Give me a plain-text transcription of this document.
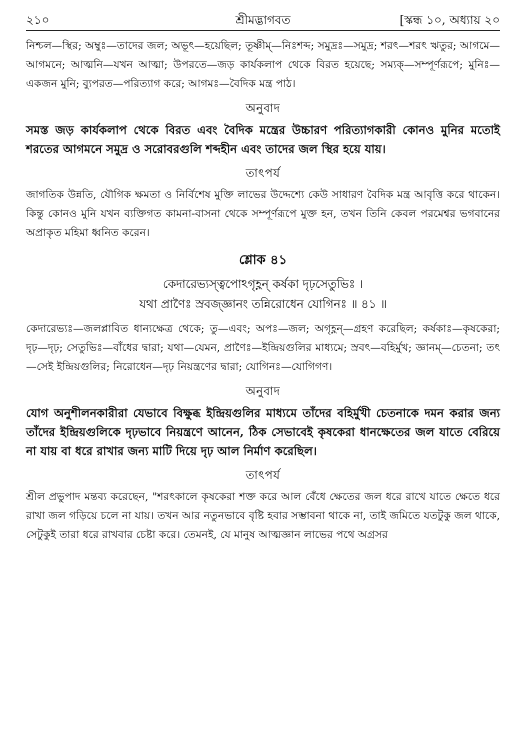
২১০	শ্রীমদ্ভাগবত	[স্কন্ধ ১০, অধ্যায় ২০

নিশ্চল—স্থির; অম্বুঃ—তাদের জল; অভূৎ—হয়েছিল; তূষ্ণীম্—নিঃশব্দ; সমুদ্রঃ—সমুদ্র; শরৎ—শরৎ ঋতুর; আগমে—আগমনে; আত্মনি—যখন আত্মা; উপরতে—জড় কার্যকলাপ থেকে বিরত হয়েছে; সম্যক্—সম্পূর্ণরূপে; মুনিঃ—একজন মুনি; ব্যুপরত—পরিত্যাগ করে; আগমঃ—বৈদিক মন্ত্র পাঠ।

অনুবাদ

সমস্ত জড় কার্যকলাপ থেকে বিরত এবং বৈদিক মন্ত্রের উচ্চারণ পরিত্যাগকারী কোনও মুনির মতোই শরতের আগমনে সমুদ্র ও সরোবরগুলি শব্দহীন এবং তাদের জল স্থির হয়ে যায়।

তাৎপর্য

জাগতিক উন্নতি, যৌগিক ক্ষমতা ও নির্বিশেষ মুক্তি লাভের উদ্দেশ্যে কেউ সাধারণ বৈদিক মন্ত্র আবৃত্তি করে থাকেন। কিন্তু কোনও মুনি যখন ব্যক্তিগত কামনা-বাসনা থেকে সম্পূর্ণরূপে মুক্ত হন, তখন তিনি কেবল পরমেশ্বর ভগবানের অপ্রাকৃত মহিমা ধ্বনিত করেন।

শ্লোক ৪১
কেদারেভ্যস্ত্বপোঽগৃহ্ণন্ কর্ষকা দৃঢ়সেতুভিঃ ।
যথা প্রাণৈঃ স্রবজ্জ্ঞানং তন্নিরোধেন যোগিনঃ ॥ ৪১ ॥

কেদারেভ্যঃ—জলপ্লাবিত ধান্যক্ষেত্র থেকে; তু—এবং; অপঃ—জল; অগৃহ্ণন্—গ্রহণ করেছিল; কর্ষকাঃ—কৃষকেরা; দৃঢ়—দৃঢ়; সেতুভিঃ—বাঁধের দ্বারা; যথা—যেমন, প্রাণৈঃ—ইন্দ্রিয়গুলির মাধ্যমে; স্রবৎ—বহির্মুখ; জ্ঞানম্—চেতনা; তৎ—সেই ইন্দ্রিয়গুলির; নিরোধেন—দৃঢ় নিয়ন্ত্রণের দ্বারা; যোগিনঃ—যোগিগণ।

অনুবাদ

যোগ অনুশীলনকারীরা যেভাবে বিক্ষুব্ধ ইন্দ্রিয়গুলির মাধ্যমে তাঁদের বহির্মুখী চেতনাকে দমন করার জন্য তাঁদের ইন্দ্রিয়গুলিকে দৃঢ়ভাবে নিয়ন্ত্রণে আনেন, ঠিক সেভাবেই কৃষকেরা ধানক্ষেতের জল যাতে বেরিয়ে না যায় বা ধরে রাখার জন্য মাটি দিয়ে দৃঢ় আল নির্মাণ করেছিল।

তাৎপর্য

শ্রীল প্রভুপাদ মন্তব্য করেছেন, "শরৎকালে কৃষকেরা শক্ত করে আল বেঁধে ক্ষেতের জল ধরে রাখে যাতে ক্ষেতে ধরে রাখা জল গড়িয়ে চলে না যায়। তখন আর নতুনভাবে বৃষ্টি হবার সম্ভাবনা থাকে না, তাই জমিতে যতটুকু জল থাকে, সেটুকুই তারা ধরে রাখবার চেষ্টা করে। তেমনই, যে মানুষ আত্মজ্ঞান লাভের পথে অগ্রসর
